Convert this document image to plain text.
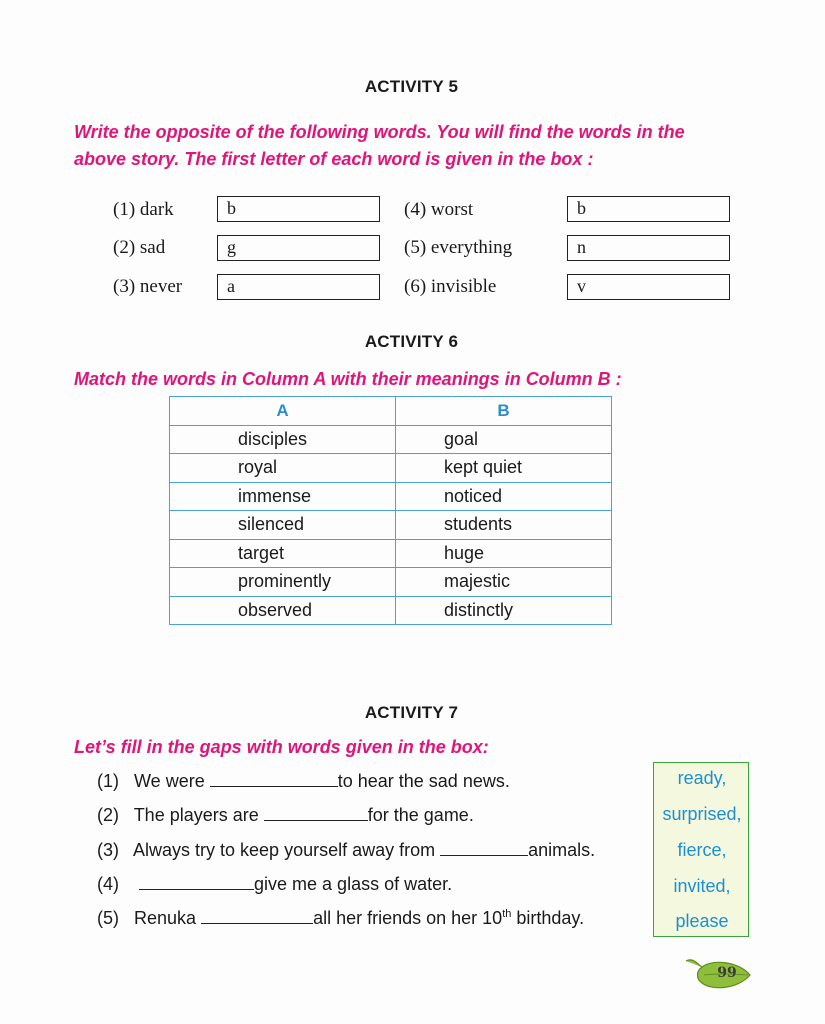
ACTIVITY 5
Write the opposite of the following words. You will find the words in the
above story. The first letter of each word is given in the box :
(1) dark	b
(2) sad	g
(3) never	a
(4) worst	b
(5) everything	n
(6) invisible	v
ACTIVITY 6
Match the words in Column A with their meanings in Column B :
A	B
disciples	goal
royal	kept quiet
immense	noticed
silenced	students
target	huge
prominently	majestic
observed	distinctly
ACTIVITY 7
Let’s fill in the gaps with words given in the box:
(1) We were	to hear the sad news.
(2) The players are	for the game.
(3) Always try to keep yourself away from	animals.
(4)	give me a glass of water.
(5) Renuka	all her friends on her 10th birthday.
ready,
surprised,
fierce,
invited,
please
99
